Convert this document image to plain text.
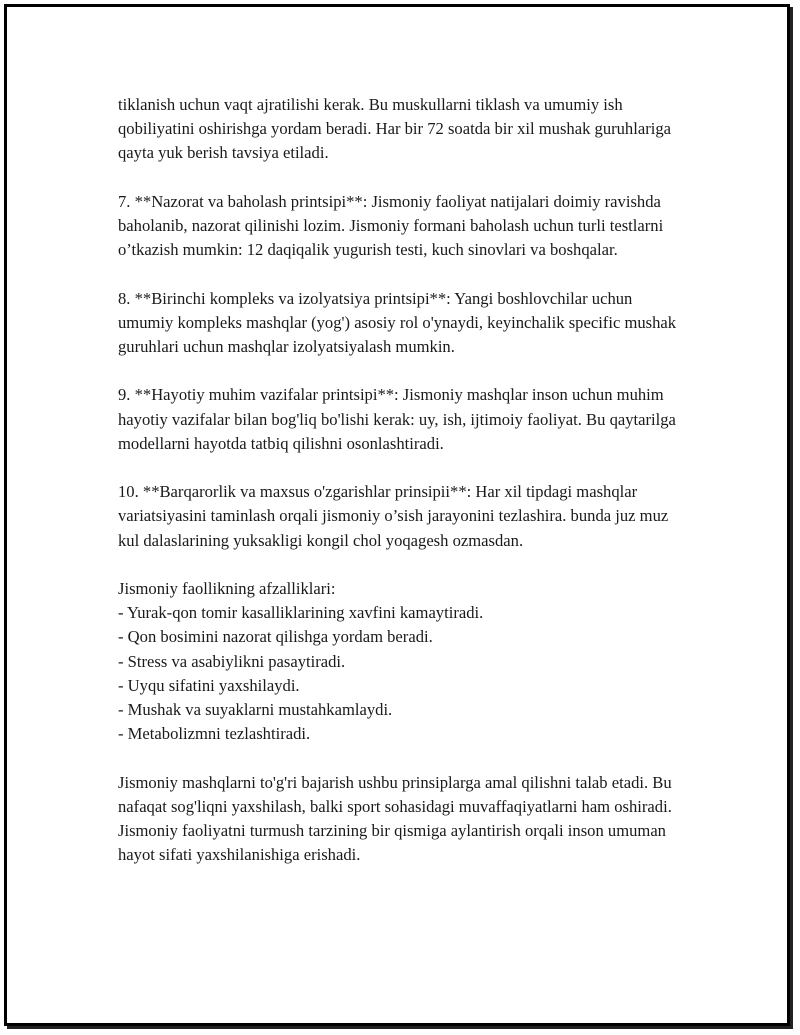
tiklanish uchun vaqt ajratilishi kerak. Bu muskullarni tiklash va umumiy ish qobiliyatini oshirishga yordam beradi. Har bir 72 soatda bir xil mushak guruhlariga qayta yuk berish tavsiya etiladi.

7. **Nazorat va baholash printsipi**: Jismoniy faoliyat natijalari doimiy ravishda baholanib, nazorat qilinishi lozim. Jismoniy formani baholash uchun turli testlarni o’tkazish mumkin: 12 daqiqalik yugurish testi, kuch sinovlari va boshqalar.

8. **Birinchi kompleks va izolyatsiya printsipi**: Yangi boshlovchilar uchun umumiy kompleks mashqlar (yog') asosiy rol o'ynaydi, keyinchalik specific mushak guruhlari uchun mashqlar izolyatsiyalash mumkin.

9. **Hayotiy muhim vazifalar printsipi**: Jismoniy mashqlar inson uchun muhim hayotiy vazifalar bilan bog'liq bo'lishi kerak: uy, ish, ijtimoiy faoliyat. Bu qaytarilga modellarni hayotda tatbiq qilishni osonlashtiradi.

10. **Barqarorlik va maxsus o'zgarishlar prinsipii**: Har xil tipdagi mashqlar variatsiyasini taminlash orqali jismoniy o’sish jarayonini tezlashira. bunda juz muz kul dalaslarining yuksakligi kongil chol yoqagesh ozmasdan.

Jismoniy faollikning afzalliklari:
- Yurak-qon tomir kasalliklarining xavfini kamaytiradi.
- Qon bosimini nazorat qilishga yordam beradi.
- Stress va asabiylikni pasaytiradi.
- Uyqu sifatini yaxshilaydi.
- Mushak va suyaklarni mustahkamlaydi.
- Metabolizmni tezlashtiradi.

Jismoniy mashqlarni to'g'ri bajarish ushbu prinsiplarga amal qilishni talab etadi. Bu nafaqat sog'liqni yaxshilash, balki sport sohasidagi muvaffaqiyatlarni ham oshiradi. Jismoniy faoliyatni turmush tarzining bir qismiga aylantirish orqali inson umuman hayot sifati yaxshilanishiga erishadi.
